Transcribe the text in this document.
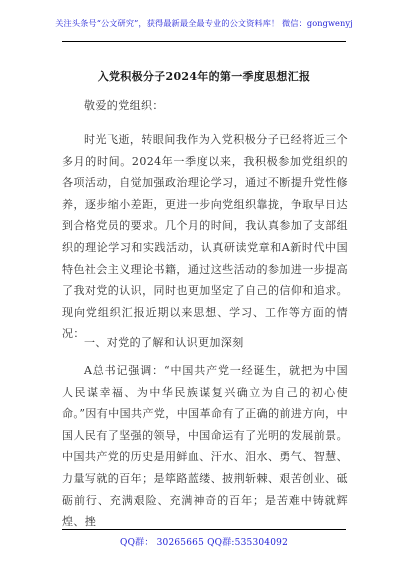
关注头条号“公文研究”，获得最新最全最专业的公文资料库！ 微信：gongwenyj
入党积极分子2024年的第一季度思想汇报
敬爱的党组织：

时光飞逝，转眼间我作为入党积极分子已经将近三个多月的时间。2024年一季度以来，我积极参加党组织的各项活动，自觉加强政治理论学习，通过不断提升党性修养，逐步缩小差距，更进一步向党组织靠拢，争取早日达到合格党员的要求。几个月的时间，我认真参加了支部组织的理论学习和实践活动，认真研读党章和A新时代中国特色社会主义理论书籍，通过这些活动的参加进一步提高了我对党的认识，同时也更加坚定了自己的信仰和追求。现向党组织汇报近期以来思想、学习、工作等方面的情况：

一、对党的了解和认识更加深刻

A总书记强调：“中国共产党一经诞生，就把为中国人民谋幸福、为中华民族谋复兴确立为自己的初心使命。”因有中国共产党，中国革命有了正确的前进方向，中国人民有了坚强的领导，中国命运有了光明的发展前景。中国共产党的历史是用鲜血、汗水、泪水、勇气、智慧、力量写就的百年；是筚路蓝缕、披荆斩棘、艰苦创业、砥砺前行、充满艰险、充满神奇的百年；是苦难中铸就辉煌、挫

QQ群： 30265665 QQ群:535304092
